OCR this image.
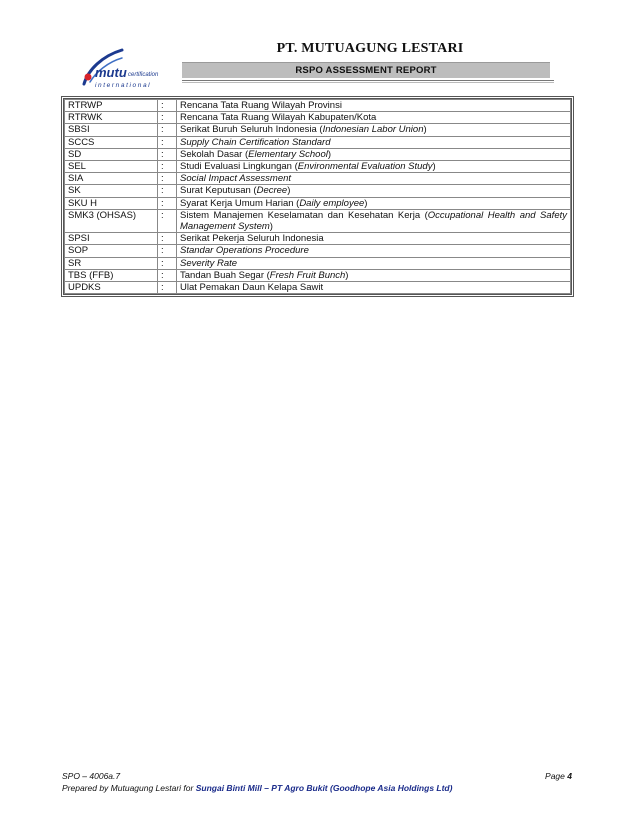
mutu certification
international
PT. MUTUAGUNG LESTARI
RSPO ASSESSMENT REPORT
RTRWP	:	Rencana Tata Ruang Wilayah Provinsi
RTRWK	:	Rencana Tata Ruang Wilayah Kabupaten/Kota
SBSI	:	Serikat Buruh Seluruh Indonesia (Indonesian Labor Union)
SCCS	:	Supply Chain Certification Standard
SD	:	Sekolah Dasar (Elementary School)
SEL	:	Studi Evaluasi Lingkungan (Environmental Evaluation Study)
SIA	:	Social Impact Assessment
SK	:	Surat Keputusan (Decree)
SKU H	:	Syarat Kerja Umum Harian (Daily employee)
SMK3 (OHSAS)	:	Sistem Manajemen Keselamatan dan Kesehatan Kerja (Occupational Health and Safety Management System)
SPSI	:	Serikat Pekerja Seluruh Indonesia
SOP	:	Standar Operations Procedure
SR	:	Severity Rate
TBS (FFB)	:	Tandan Buah Segar (Fresh Fruit Bunch)
UPDKS	:	Ulat Pemakan Daun Kelapa Sawit
SPO – 4006a.7	Page 4
Prepared by Mutuagung Lestari for Sungai Binti Mill – PT Agro Bukit (Goodhope Asia Holdings Ltd)
